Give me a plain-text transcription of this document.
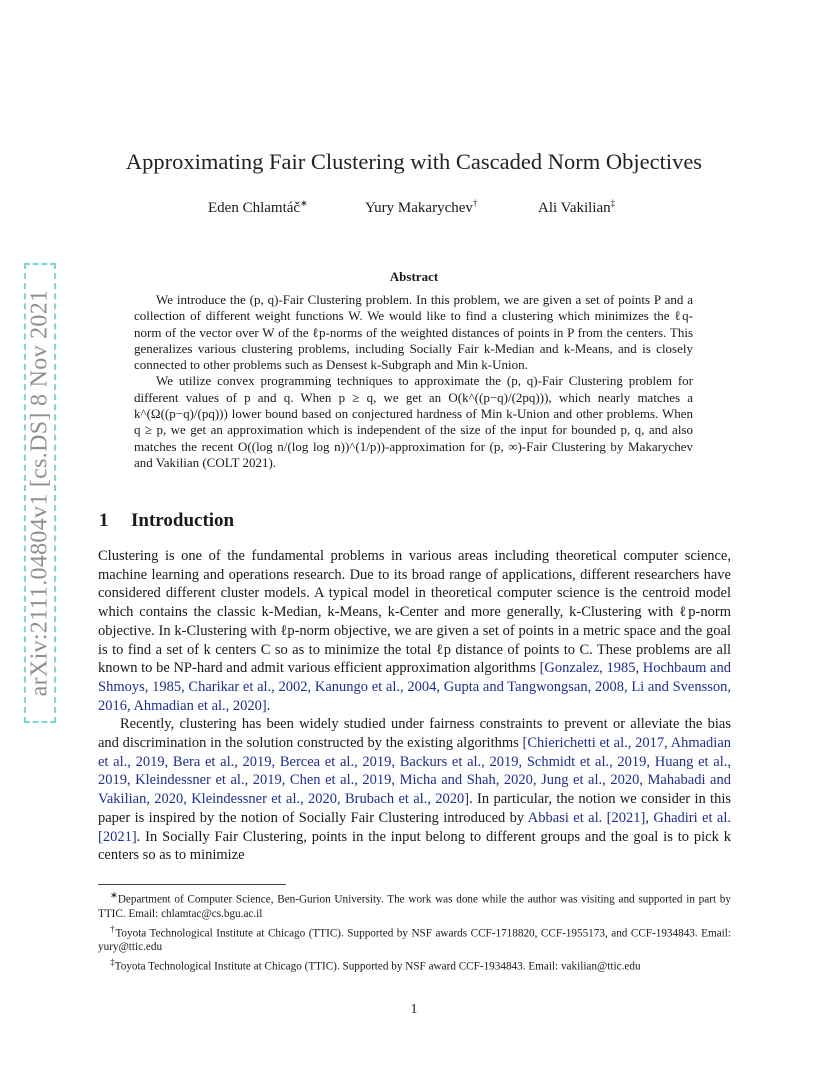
arXiv:2111.04804v1 [cs.DS] 8 Nov 2021
Approximating Fair Clustering with Cascaded Norm Objectives
Eden Chlamtáč∗	Yury Makarychev†	Ali Vakilian‡
Abstract

We introduce the (p, q)-Fair Clustering problem. In this problem, we are given a set of points P and a collection of different weight functions W. We would like to find a clustering which minimizes the ℓq-norm of the vector over W of the ℓp-norms of the weighted distances of points in P from the centers. This generalizes various clustering problems, including Socially Fair k-Median and k-Means, and is closely connected to other problems such as Densest k-Subgraph and Min k-Union.

We utilize convex programming techniques to approximate the (p, q)-Fair Clustering problem for different values of p and q. When p ≥ q, we get an O(k^((p−q)/(2pq))), which nearly matches a k^(Ω((p−q)/(pq))) lower bound based on conjectured hardness of Min k-Union and other problems. When q ≥ p, we get an approximation which is independent of the size of the input for bounded p, q, and also matches the recent O((log n/(log log n))^(1/p))-approximation for (p, ∞)-Fair Clustering by Makarychev and Vakilian (COLT 2021).

1 Introduction

Clustering is one of the fundamental problems in various areas including theoretical computer science, machine learning and operations research. Due to its broad range of applications, different researchers have considered different cluster models. A typical model in theoretical computer science is the centroid model which contains the classic k-Median, k-Means, k-Center and more generally, k-Clustering with ℓp-norm objective. In k-Clustering with ℓp-norm objective, we are given a set of points in a metric space and the goal is to find a set of k centers C so as to minimize the total ℓp distance of points to C. These problems are all known to be NP-hard and admit various efficient approximation algorithms [Gonzalez, 1985, Hochbaum and Shmoys, 1985, Charikar et al., 2002, Kanungo et al., 2004, Gupta and Tangwongsan, 2008, Li and Svensson, 2016, Ahmadian et al., 2020].

Recently, clustering has been widely studied under fairness constraints to prevent or alleviate the bias and discrimination in the solution constructed by the existing algorithms [Chierichetti et al., 2017, Ahmadian et al., 2019, Bera et al., 2019, Bercea et al., 2019, Backurs et al., 2019, Schmidt et al., 2019, Huang et al., 2019, Kleindessner et al., 2019, Chen et al., 2019, Micha and Shah, 2020, Jung et al., 2020, Mahabadi and Vakilian, 2020, Kleindessner et al., 2020, Brubach et al., 2020]. In particular, the notion we consider in this paper is inspired by the notion of Socially Fair Clustering introduced by Abbasi et al. [2021], Ghadiri et al. [2021]. In Socially Fair Clustering, points in the input belong to different groups and the goal is to pick k centers so as to minimize

∗Department of Computer Science, Ben-Gurion University. The work was done while the author was visiting and supported in part by TTIC. Email: chlamtac@cs.bgu.ac.il

†Toyota Technological Institute at Chicago (TTIC). Supported by NSF awards CCF-1718820, CCF-1955173, and CCF-1934843. Email: yury@ttic.edu

‡Toyota Technological Institute at Chicago (TTIC). Supported by NSF award CCF-1934843. Email: vakilian@ttic.edu

1
